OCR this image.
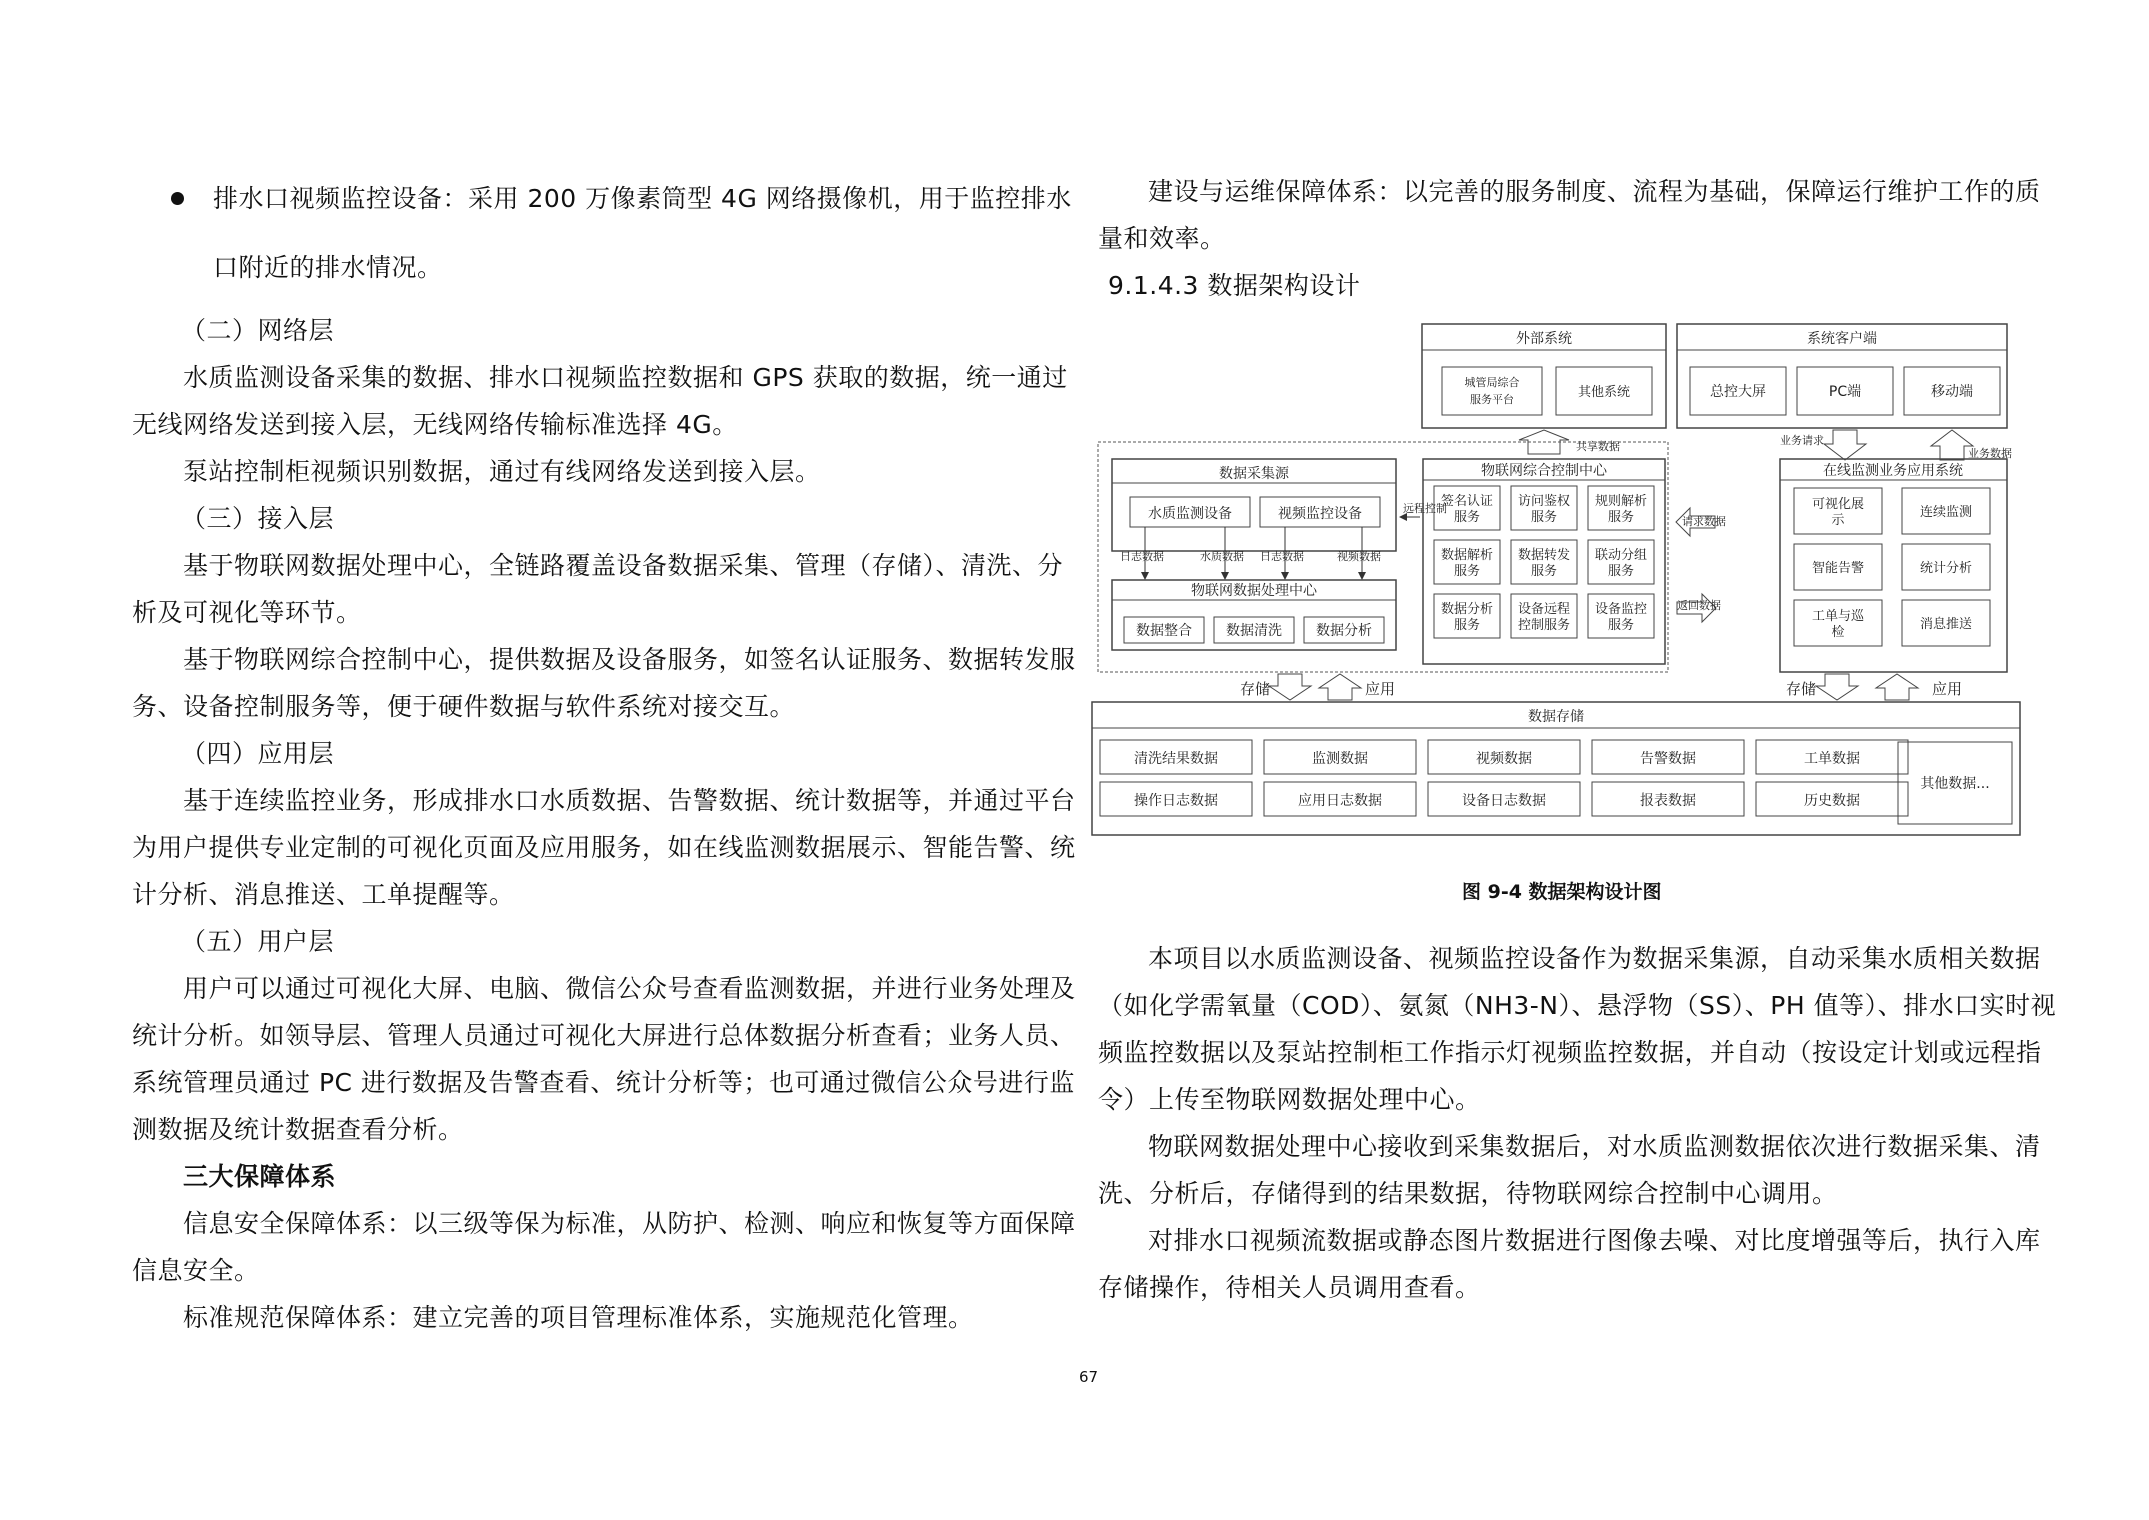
排水口视频监控设备：采用 200 万像素筒型 4G 网络摄像机，用于监控排水
口附近的排水情况。
（二）网络层
水质监测设备采集的数据、排水口视频监控数据和 GPS 获取的数据，统一通过
无线网络发送到接入层，无线网络传输标准选择 4G。
泵站控制柜视频识别数据，通过有线网络发送到接入层。
（三）接入层
基于物联网数据处理中心，全链路覆盖设备数据采集、管理（存储）、清洗、分
析及可视化等环节。
基于物联网综合控制中心，提供数据及设备服务，如签名认证服务、数据转发服
务、设备控制服务等，便于硬件数据与软件系统对接交互。
（四）应用层
基于连续监控业务，形成排水口水质数据、告警数据、统计数据等，并通过平台
为用户提供专业定制的可视化页面及应用服务，如在线监测数据展示、智能告警、统
计分析、消息推送、工单提醒等。
（五）用户层
用户可以通过可视化大屏、电脑、微信公众号查看监测数据，并进行业务处理及
统计分析。如领导层、管理人员通过可视化大屏进行总体数据分析查看；业务人员、
系统管理员通过 PC 进行数据及告警查看、统计分析等；也可通过微信公众号进行监
测数据及统计数据查看分析。
三大保障体系
信息安全保障体系：以三级等保为标准，从防护、检测、响应和恢复等方面保障
信息安全。
标准规范保障体系：建立完善的项目管理标准体系，实施规范化管理。
建设与运维保障体系：以完善的服务制度、流程为基础，保障运行维护工作的质
量和效率。
9.1.4.3 数据架构设计
外部系统
城管局综合服务平台	其他系统
系统客户端
总控大屏	PC端	移动端
共享数据	业务请求
业务数据
数据采集源
水质监测设备	视频监控设备	远程控制
日志数据	水质数据 日志数据	视频数据
物联网数据处理中心
数据整合 数据清洗 数据分析
物联网综合控制中心
签名认证服务
访问鉴权服务
规则解析服务
数据解析服务
数据转发服务
联动分组服务
数据分析服务
设备远程控制服务
设备监控服务
请求数据
返回数据
在线监测业务应用系统
可视化展示
连续监测
智能告警	统计分析
工单与巡检
消息推送
存储	应用	存储	应用
数据存储
清洗结果数据	监测数据	视频数据	告警数据	工单数据
操作日志数据	应用日志数据	设备日志数据	报表数据	历史数据
其他数据...
图 9-4 数据架构设计图
本项目以水质监测设备、视频监控设备作为数据采集源，自动采集水质相关数据
（如化学需氧量（COD）、氨氮（NH3-N）、悬浮物（SS）、PH 值等）、排水口实时视
频监控数据以及泵站控制柜工作指示灯视频监控数据，并自动（按设定计划或远程指
令）上传至物联网数据处理中心。
物联网数据处理中心接收到采集数据后，对水质监测数据依次进行数据采集、清
洗、分析后，存储得到的结果数据，待物联网综合控制中心调用。
对排水口视频流数据或静态图片数据进行图像去噪、对比度增强等后，执行入库
存储操作，待相关人员调用查看。
67
